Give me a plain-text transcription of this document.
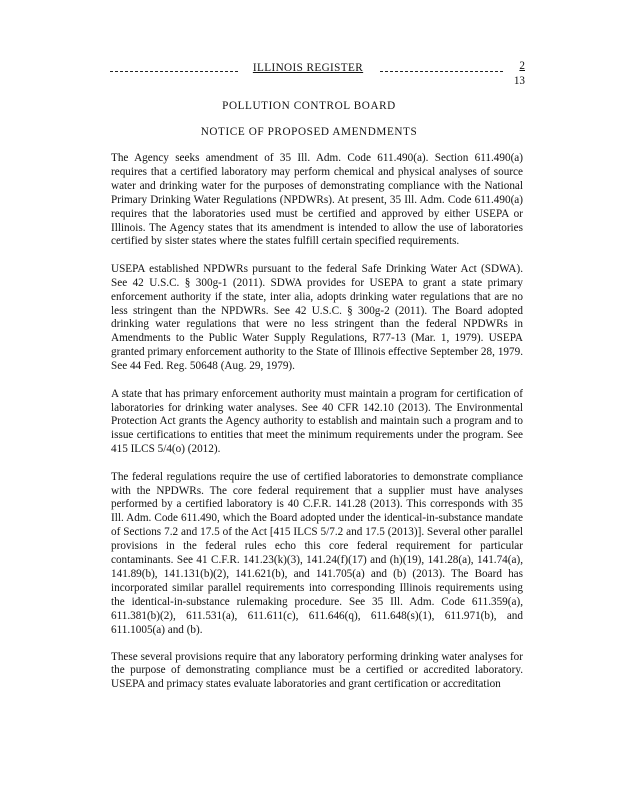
ILLINOIS REGISTER	2
13
POLLUTION CONTROL BOARD
NOTICE OF PROPOSED AMENDMENTS

The Agency seeks amendment of 35 Ill. Adm. Code 611.490(a). Section 611.490(a) requires that a certified laboratory may perform chemical and physical analyses of source water and drinking water for the purposes of demonstrating compliance with the National Primary Drinking Water Regulations (NPDWRs). At present, 35 Ill. Adm. Code 611.490(a) requires that the laboratories used must be certified and approved by either USEPA or Illinois. The Agency states that its amendment is intended to allow the use of laboratories certified by sister states where the states fulfill certain specified requirements.

USEPA established NPDWRs pursuant to the federal Safe Drinking Water Act (SDWA). See 42 U.S.C. § 300g-1 (2011). SDWA provides for USEPA to grant a state primary enforcement authority if the state, inter alia, adopts drinking water regulations that are no less stringent than the NPDWRs. See 42 U.S.C. § 300g-2 (2011). The Board adopted drinking water regulations that were no less stringent than the federal NPDWRs in Amendments to the Public Water Supply Regulations, R77-13 (Mar. 1, 1979). USEPA granted primary enforcement authority to the State of Illinois effective September 28, 1979. See 44 Fed. Reg. 50648 (Aug. 29, 1979).

A state that has primary enforcement authority must maintain a program for certification of laboratories for drinking water analyses. See 40 CFR 142.10 (2013). The Environmental Protection Act grants the Agency authority to establish and maintain such a program and to issue certifications to entities that meet the minimum requirements under the program. See 415 ILCS 5/4(o) (2012).

The federal regulations require the use of certified laboratories to demonstrate compliance with the NPDWRs. The core federal requirement that a supplier must have analyses performed by a certified laboratory is 40 C.F.R. 141.28 (2013). This corresponds with 35 Ill. Adm. Code 611.490, which the Board adopted under the identical-in-substance mandate of Sections 7.2 and 17.5 of the Act [415 ILCS 5/7.2 and 17.5 (2013)]. Several other parallel provisions in the federal rules echo this core federal requirement for particular contaminants. See 41 C.F.R. 141.23(k)(3), 141.24(f)(17) and (h)(19), 141.28(a), 141.74(a), 141.89(b), 141.131(b)(2), 141.621(b), and 141.705(a) and (b) (2013). The Board has incorporated similar parallel requirements into corresponding Illinois requirements using the identical-in-substance rulemaking procedure. See 35 Ill. Adm. Code 611.359(a), 611.381(b)(2), 611.531(a), 611.611(c), 611.646(q), 611.648(s)(1), 611.971(b), and 611.1005(a) and (b).

These several provisions require that any laboratory performing drinking water analyses for the purpose of demonstrating compliance must be a certified or accredited laboratory. USEPA and primacy states evaluate laboratories and grant certification or accreditation
